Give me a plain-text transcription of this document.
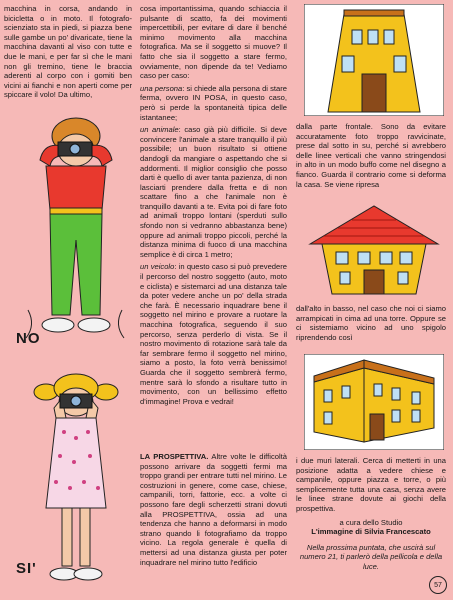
macchina in corsa, andando in bicicletta o in moto. Il fotografo-scienziato sta in piedi, si piazza bene sulle gambe un po' divaricate, tiene la macchina davanti al viso con tutte e due le mani, e per far sì che le mani non gli tremino, tiene le braccia aderenti al corpo con i gomiti ben vicini ai fianchi e non aperti come per spiccare il volo! Da ultimo,

NO
SI'

cosa importantissima, quando schiaccia il pulsante di scatto, fa dei movimenti impercettibili, per evitare di dare il benché minimo movimento alla macchina fotografica. Ma se il soggetto si muove? Il fatto che sia il soggetto a stare fermo, ovviamente, non dipende da te! Vediamo caso per caso:

una persona: si chiede alla persona di stare ferma, ovvero IN POSA, in questo caso, però si perde la spontaneità tipica delle istantanee;

un animale: caso già più difficile. Si deve convincere l'animale a stare tranquillo il più possibile; un buon risultato si ottiene dandogli da mangiare o aspettando che si addormenti. Il miglior consiglio che posso darti è quello di aver tanta pazienza, di non lasciarti prendere dalla fretta e di non scattare fino a che l'animale non è tranquillo davanti a te. Evita poi di fare foto ad animali troppo lontani (sperduti sullo sfondo non si vedranno abbastanza bene) oppure ad animali troppo piccoli, perché la distanza minima di fuoco di una macchina semplice è di circa 1 metro;

un veicolo: in questo caso si può prevedere il percorso del nostro soggetto (auto, moto e ciclista) e sistemarci ad una distanza tale da poter vedere anche un po' della strada che farà. È necessario inquadrare bene il soggetto nel mirino e provare a ruotare la macchina fotografica, seguendo il suo percorso, senza perderlo di vista. Se il nostro movimento di rotazione sarà tale da far sembrare fermo il soggetto nel mirino, siamo a posto, la foto verrà benissimo! Guarda che il soggetto sembrerà fermo, mentre sarà lo sfondo a risultare tutto in movimento, con un bellissimo effetto d'immagine! Prova e vedrai!

LA PROSPETTIVA. Altre volte le difficoltà possono arrivare da soggetti fermi ma troppo grandi per entrare tutti nel mirino. Le costruzioni in genere, come case, chiese, campanili, torri, fattorie, ecc. a volte ci possono fare degli scherzetti strani dovuti alla PROSPETTIVA, ossia ad una tendenza che hanno a deformarsi in modo strano quando li fotografiamo da troppo vicino. La regola generale è quella di mettersi ad una distanza giusta per poter inquadrare nel mirino tutto l'edificio

dalla parte frontale. Sono da evitare accuratamente foto troppo ravvicinate, prese dal sotto in su, perché si avrebbero delle linee verticali che vanno stringendosi in alto in un modo buffo come nel disegno a fianco. Guarda il contrario come si deforma la casa. Se viene ripresa

dall'alto in basso, nel caso che noi ci siamo arrampicati in cima ad una torre. Oppure se ci sistemiamo vicino ad uno spigolo riprendendo così

i due muri laterali. Cerca di metterti in una posizione adatta a vedere chiese e campanile, oppure piazza e torre, o più semplicemente tutta una casa, senza avere le linee strane dovute ai giochi della prospettiva.

a cura dello Studio
L'immagine di Silvia Francescato
Nella prossima puntata, che uscirà sul numero 21, ti parlerò della pellicola e della luce.
57
